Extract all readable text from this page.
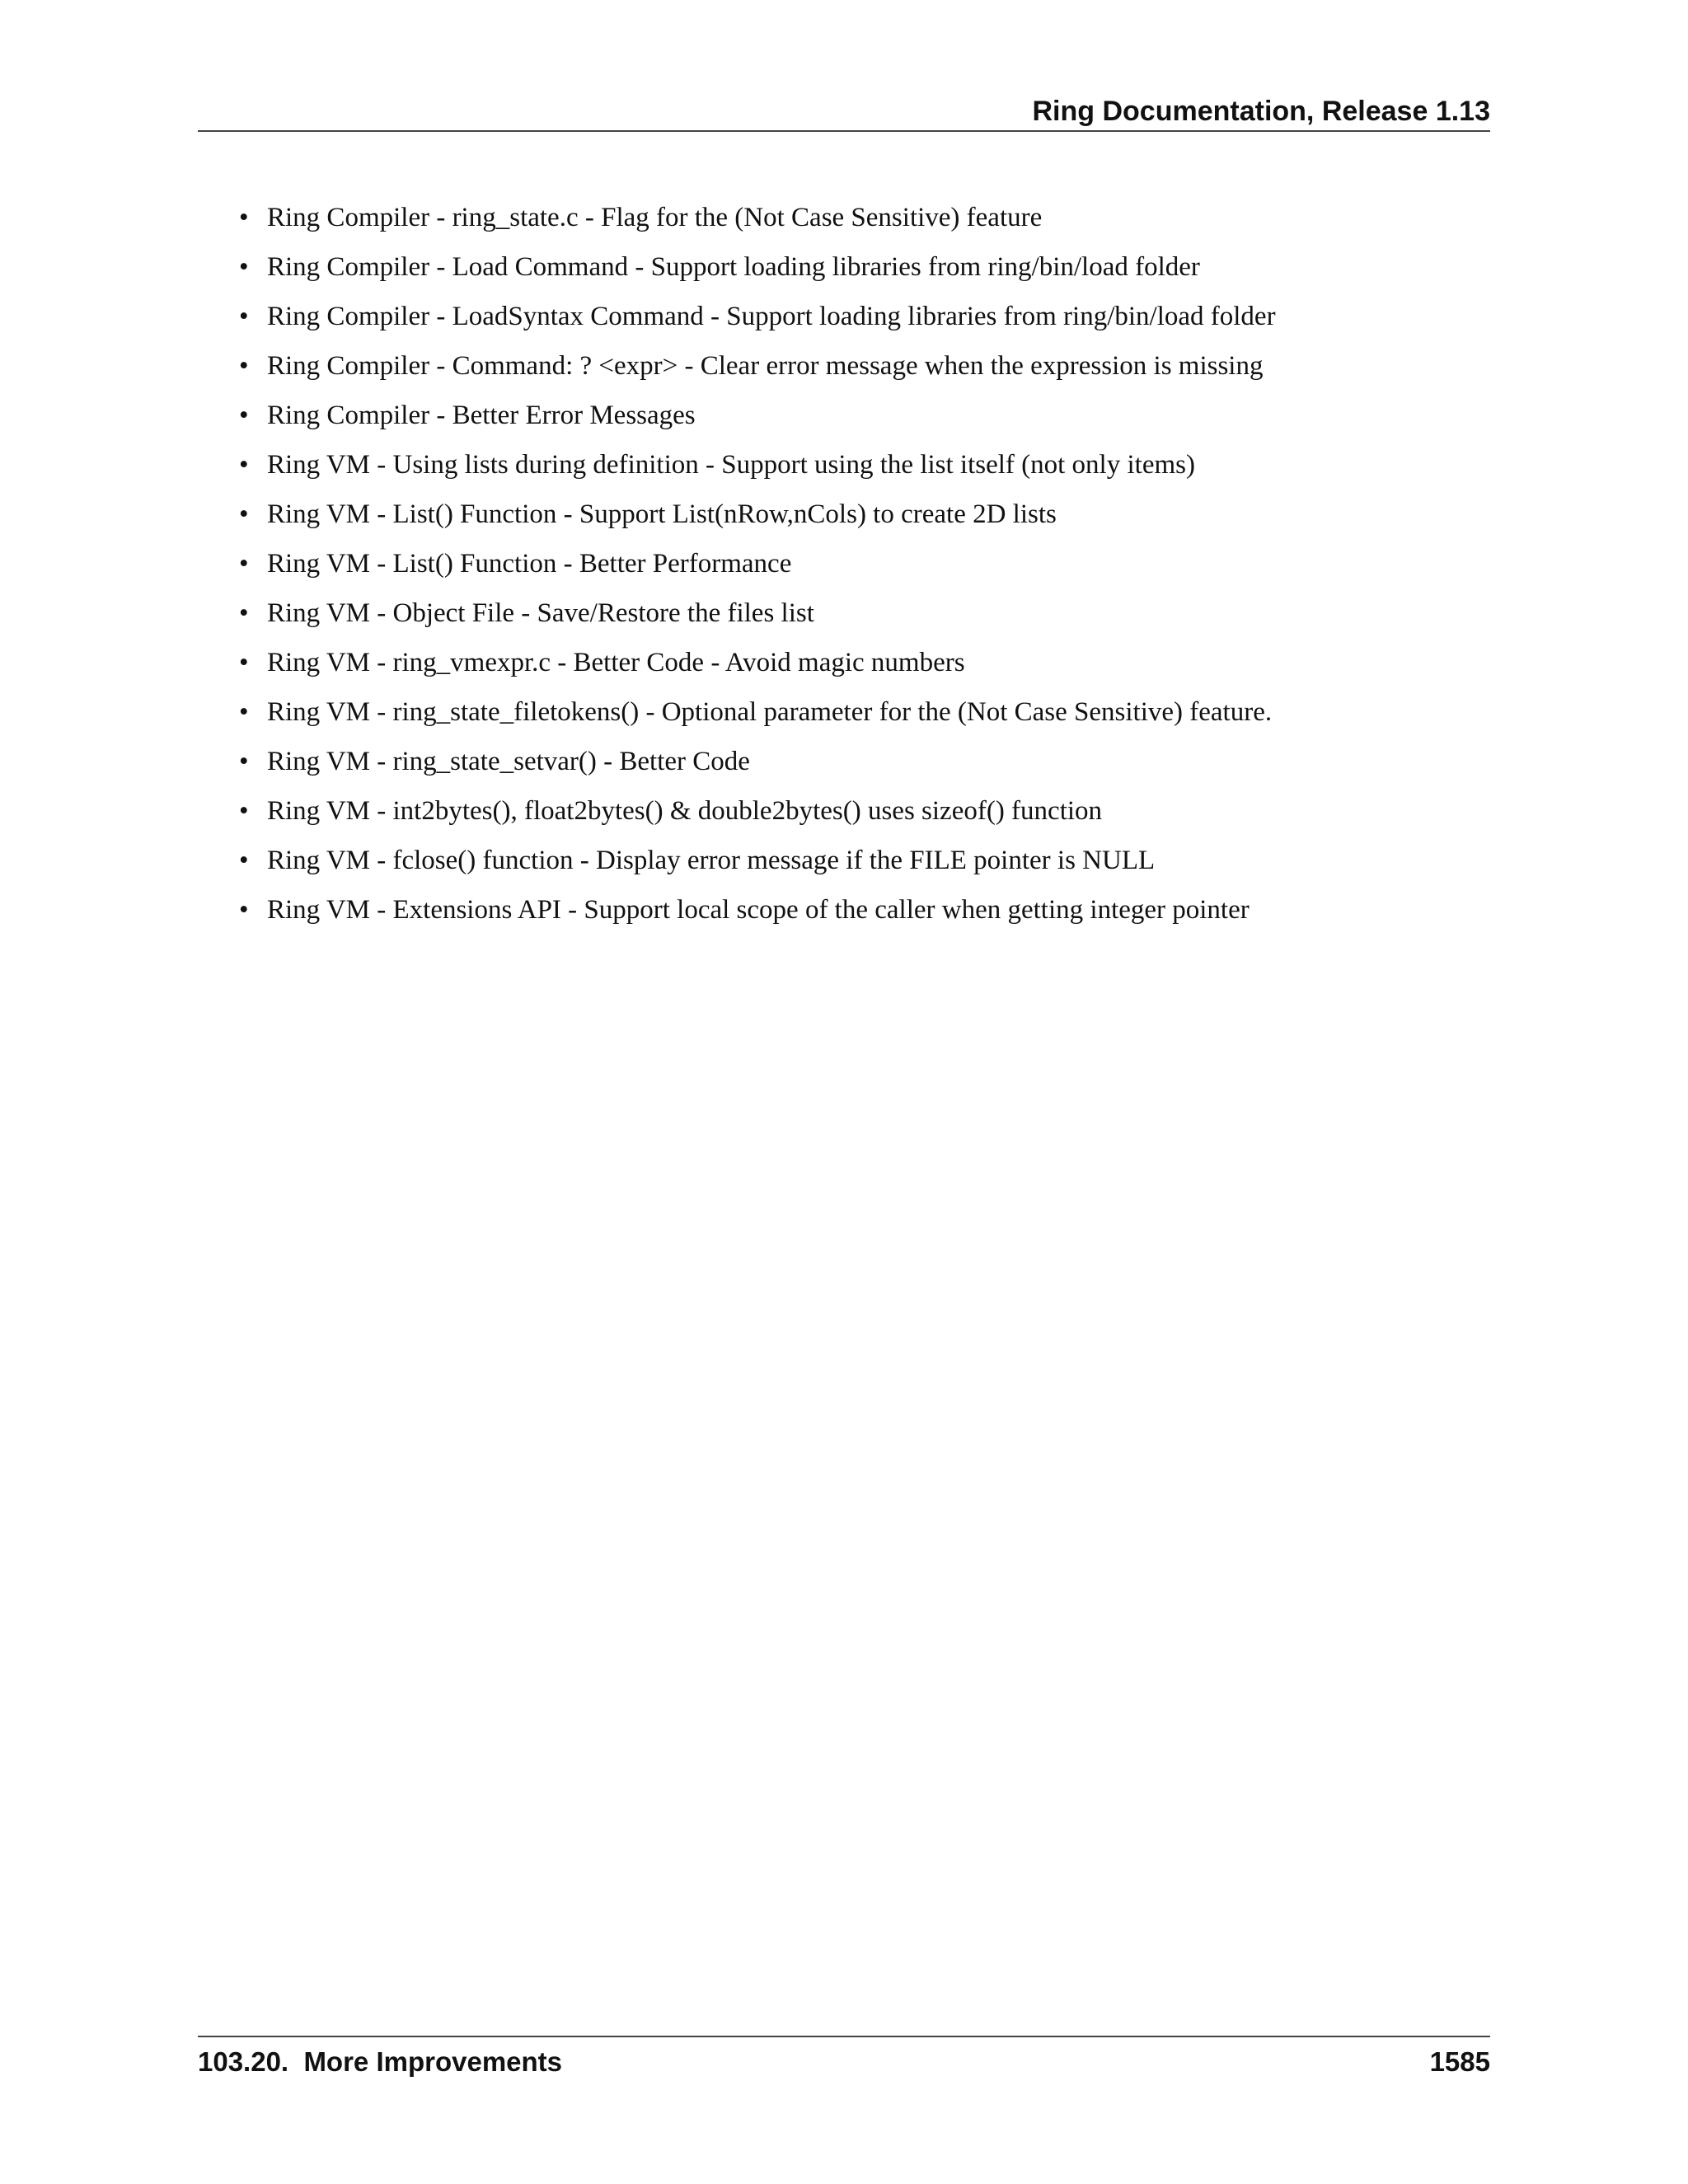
Ring Documentation, Release 1.13
• Ring Compiler - ring_state.c - Flag for the (Not Case Sensitive) feature
• Ring Compiler - Load Command - Support loading libraries from ring/bin/load folder
• Ring Compiler - LoadSyntax Command - Support loading libraries from ring/bin/load folder
• Ring Compiler - Command: ? <expr> - Clear error message when the expression is missing
• Ring Compiler - Better Error Messages
• Ring VM - Using lists during definition - Support using the list itself (not only items)
• Ring VM - List() Function - Support List(nRow,nCols) to create 2D lists
• Ring VM - List() Function - Better Performance
• Ring VM - Object File - Save/Restore the files list
• Ring VM - ring_vmexpr.c - Better Code - Avoid magic numbers
• Ring VM - ring_state_filetokens() - Optional parameter for the (Not Case Sensitive) feature.
• Ring VM - ring_state_setvar() - Better Code
• Ring VM - int2bytes(), float2bytes() & double2bytes() uses sizeof() function
• Ring VM - fclose() function - Display error message if the FILE pointer is NULL
• Ring VM - Extensions API - Support local scope of the caller when getting integer pointer
103.20.  More Improvements	1585
